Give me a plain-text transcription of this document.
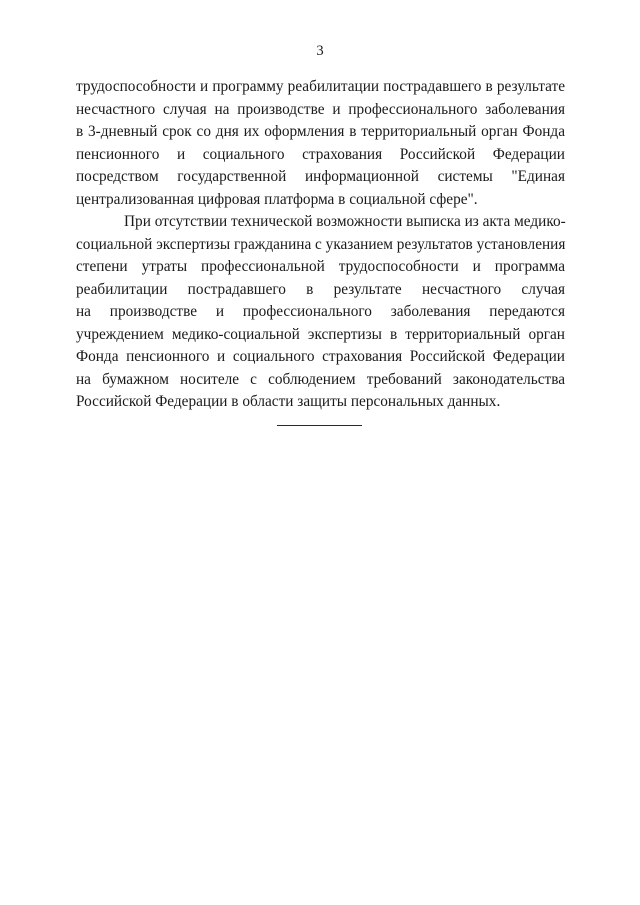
3
трудоспособности и программу реабилитации пострадавшего в результате
несчастного случая на производстве и профессионального заболевания
в 3-дневный срок со дня их оформления в территориальный орган Фонда
пенсионного и социального страхования Российской Федерации
посредством государственной информационной системы "Единая
централизованная цифровая платформа в социальной сфере".
При отсутствии технической возможности выписка из акта медико-
социальной экспертизы гражданина с указанием результатов установления
степени утраты профессиональной трудоспособности и программа
реабилитации пострадавшего в результате несчастного случая
на производстве и профессионального заболевания передаются
учреждением медико-социальной экспертизы в территориальный орган
Фонда пенсионного и социального страхования Российской Федерации
на бумажном носителе с соблюдением требований законодательства
Российской Федерации в области защиты персональных данных.
